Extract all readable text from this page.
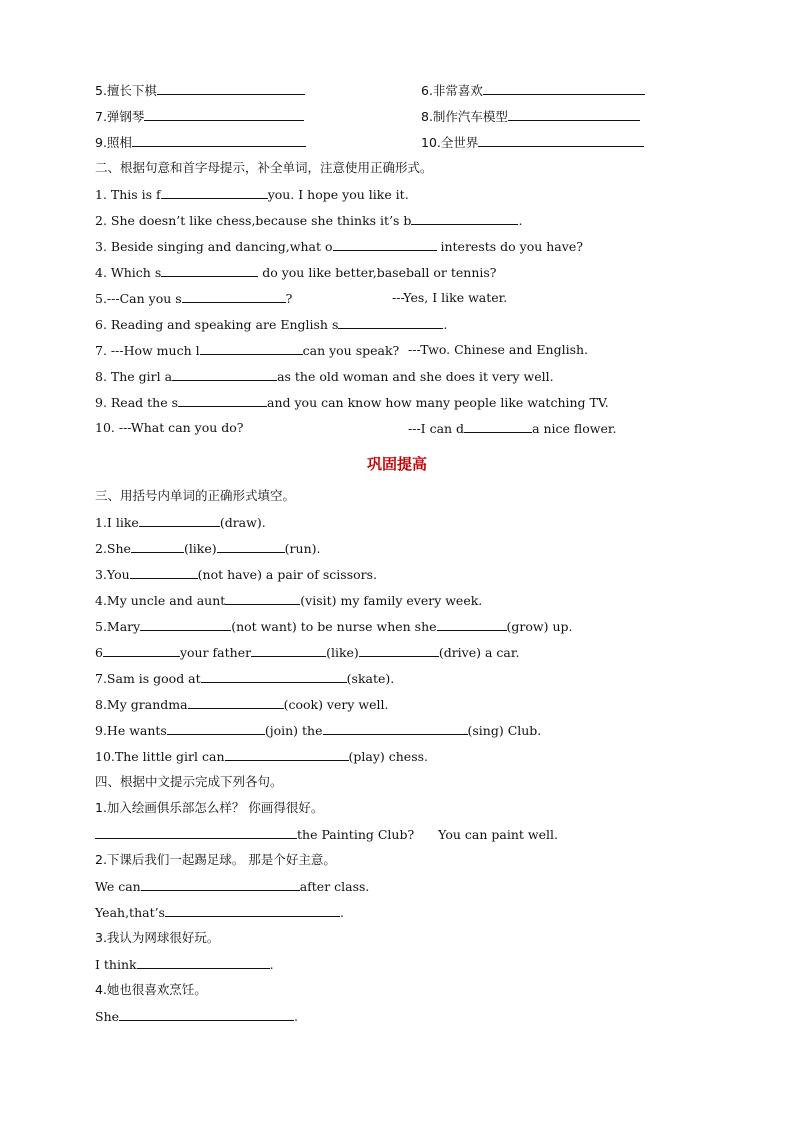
5.擅长下棋	6.非常喜欢
7.弹钢琴	8.制作汽车模型
9.照相	10.全世界
二、根据句意和首字母提示，补全单词，注意使用正确形式。
1. This is f	you. I hope you like it.
2. She doesn’t like chess,because she thinks it’s b	.
3. Beside singing and dancing,what o	interests do you have?
4. Which s	do you like better,baseball or tennis?
5.---Can you s	?	---Yes, I like water.
6. Reading and speaking are English s	.
7. ---How much l	can you speak? ---Two. Chinese and English.
8. The girl a	as the old woman and she does it very well.
9. Read the s	and you can know how many people like watching TV.
10. ---What can you do?	---I can d	a nice flower.
巩固提高
三、用括号内单词的正确形式填空。
1.I like	(draw).
2.She	(like)	(run).
3.You	(not have) a pair of scissors.
4.My uncle and aunt	(visit) my family every week.
5.Mary	(not want) to be nurse when she	(grow) up.
6	your father	(like)	(drive) a car.
7.Sam is good at	(skate).
8.My grandma	(cook) very well.
9.He wants	(join) the	(sing) Club.
10.The little girl can	(play) chess.
四、根据中文提示完成下列各句。
1.加入绘画俱乐部怎么样？ 你画得很好。
the Painting Club? You can paint well.
2.下课后我们一起踢足球。 那是个好主意。
We can	after class.
Yeah,that’s	.
3.我认为网球很好玩。
I think	.
4.她也很喜欢烹饪。
She	.
